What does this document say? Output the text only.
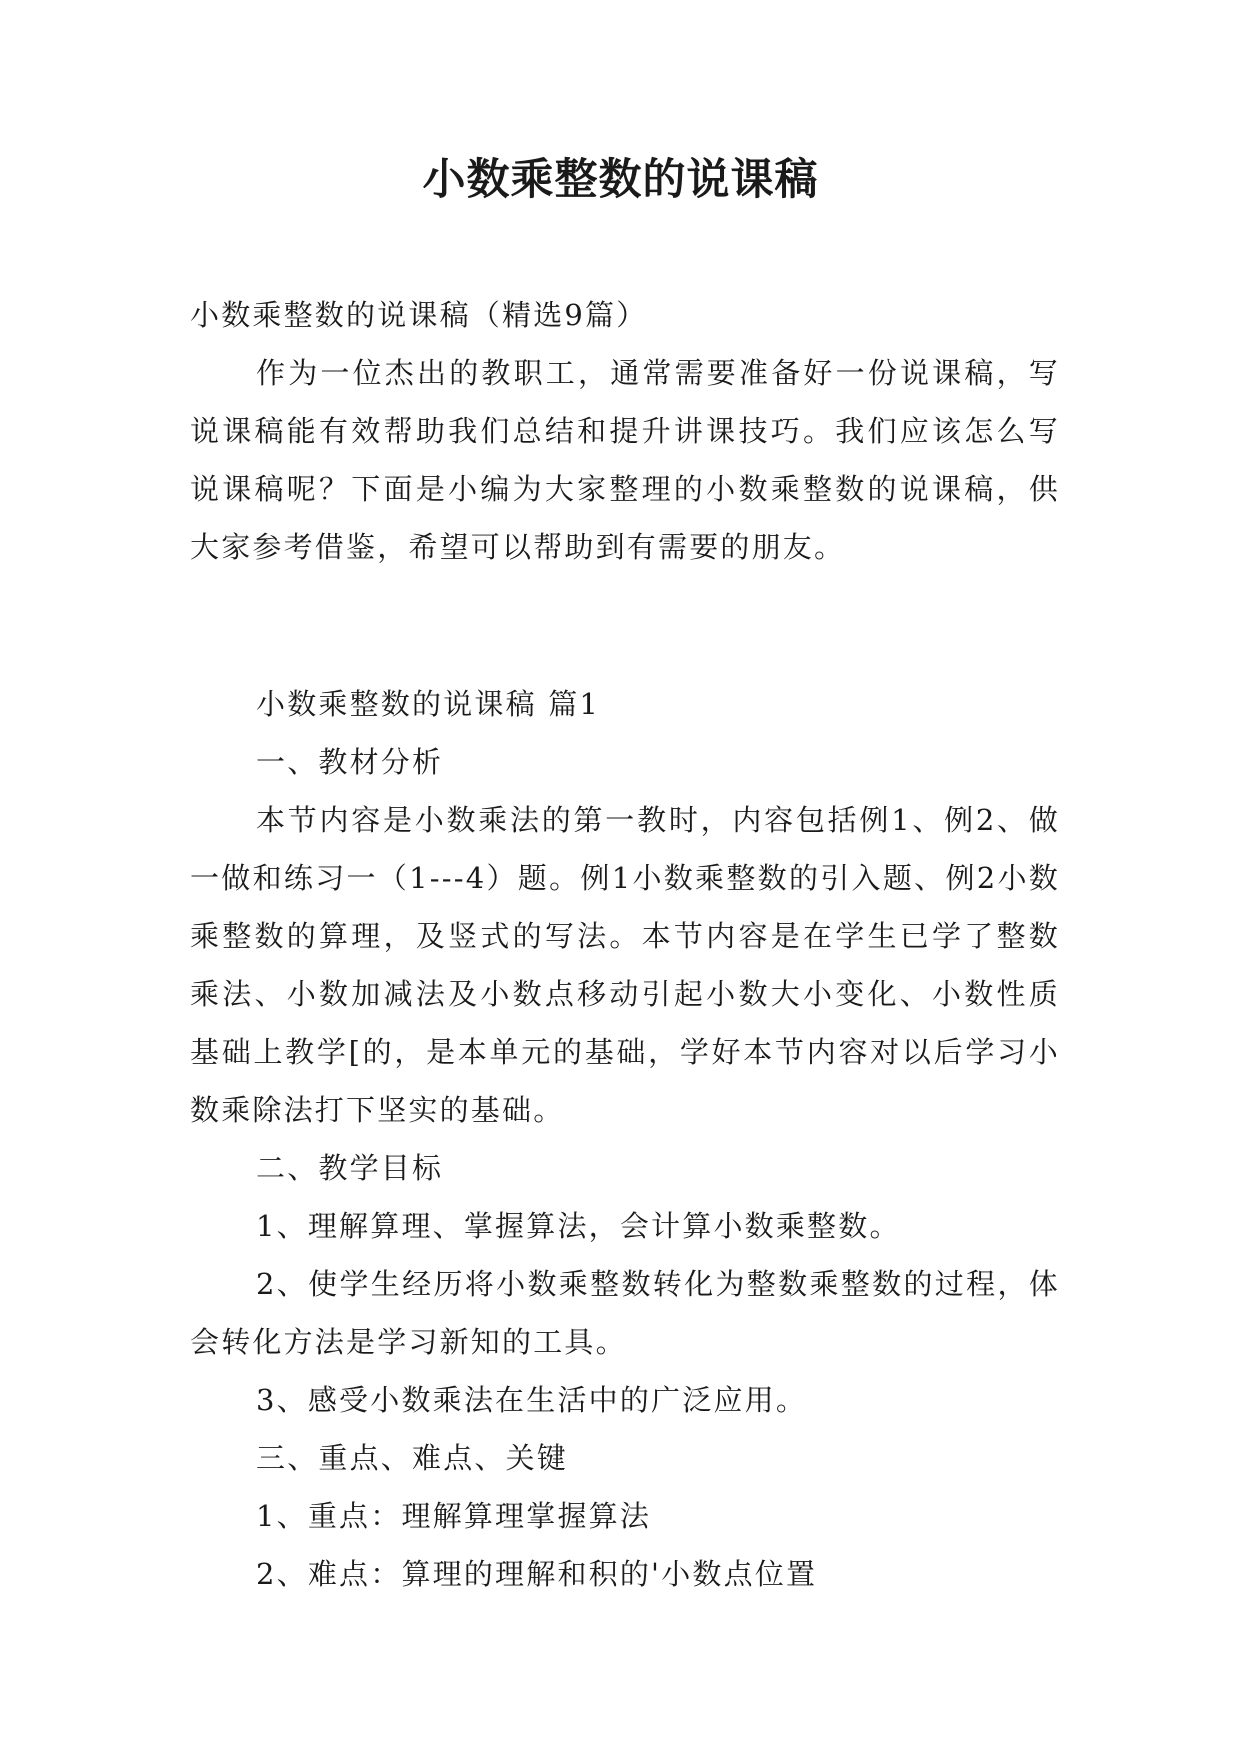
小数乘整数的说课稿

小数乘整数的说课稿（精选9篇）

作为一位杰出的教职工，通常需要准备好一份说课稿，写说课稿能有效帮助我们总结和提升讲课技巧。我们应该怎么写说课稿呢？下面是小编为大家整理的小数乘整数的说课稿，供大家参考借鉴，希望可以帮助到有需要的朋友。

小数乘整数的说课稿 篇1

一、教材分析

本节内容是小数乘法的第一教时，内容包括例1、例2、做一做和练习一（1---4）题。例1小数乘整数的引入题、例2小数乘整数的算理，及竖式的写法。本节内容是在学生已学了整数乘法、小数加减法及小数点移动引起小数大小变化、小数性质基础上教学[的，是本单元的基础，学好本节内容对以后学习小数乘除法打下坚实的基础。

二、教学目标

1、理解算理、掌握算法，会计算小数乘整数。

2、使学生经历将小数乘整数转化为整数乘整数的过程，体会转化方法是学习新知的工具。

3、感受小数乘法在生活中的广泛应用。

三、重点、难点、关键

1、重点：理解算理掌握算法

2、难点：算理的理解和积的'小数点位置
